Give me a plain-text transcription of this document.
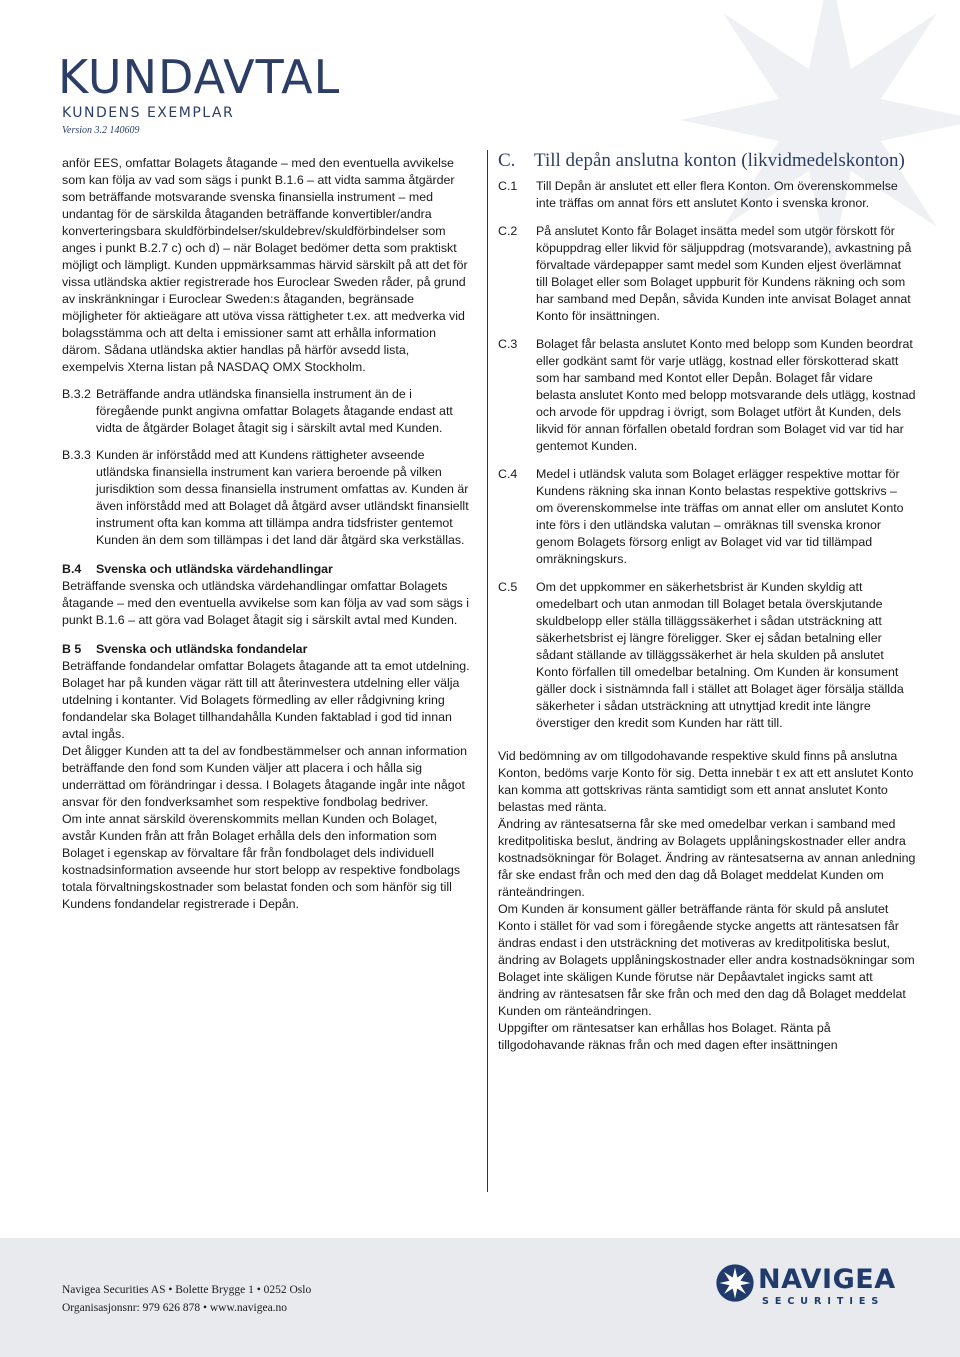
KUNDAVTAL
KUNDENS EXEMPLAR
Version 3.2 140609

anför EES, omfattar Bolagets åtagande – med den eventuella avvikelse som kan följa av vad som sägs i punkt B.1.6 – att vidta samma åtgärder som beträffande motsvarande svenska finansiella instrument – med undantag för de särskilda åtaganden beträffande konvertibler/andra konverteringsbara skuldförbindelser/skuldebrev/skuldförbindelser som anges i punkt B.2.7 c) och d) – när Bolaget bedömer detta som praktiskt möjligt och lämpligt. Kunden uppmärksammas härvid särskilt på att det för vissa utländska aktier registrerade hos Euroclear Sweden råder, på grund av inskränkningar i Euroclear Sweden:s åtaganden, begränsade möjligheter för aktieägare att utöva vissa rättigheter t.ex. att medverka vid bolagsstämma och att delta i emissioner samt att erhålla information därom. Sådana utländska aktier handlas på härför avsedd lista, exempelvis Xterna listan på NASDAQ OMX Stockholm.

B.3.2 Beträffande andra utländska finansiella instrument än de i föregående punkt angivna omfattar Bolagets åtagande endast att vidta de åtgärder Bolaget åtagit sig i särskilt avtal med Kunden.
B.3.3 Kunden är införstådd med att Kundens rättigheter avseende utländska finansiella instrument kan variera beroende på vilken jurisdiktion som dessa finansiella instrument omfattas av. Kunden är även införstådd med att Bolaget då åtgärd avser utländskt finansiellt instrument ofta kan komma att tillämpa andra tidsfrister gentemot Kunden än dem som tillämpas i det land där åtgärd ska verkställas.
B.4	Svenska och utländska värdehandlingar

Beträffande svenska och utländska värdehandlingar omfattar Bolagets åtagande – med den eventuella avvikelse som kan följa av vad som sägs i punkt B.1.6 – att göra vad Bolaget åtagit sig i särskilt avtal med Kunden.

B 5	Svenska och utländska fondandelar

Beträffande fondandelar omfattar Bolagets åtagande att ta emot utdelning. Bolaget har på kunden vägar rätt till att återinvestera utdelning eller välja utdelning i kontanter. Vid Bolagets förmedling av eller rådgivning kring fondandelar ska Bolaget tillhandahålla Kunden faktablad i god tid innan avtal ingås.

Det åligger Kunden att ta del av fondbestämmelser och annan information beträffande den fond som Kunden väljer att placera i och hålla sig underrättad om förändringar i dessa. I Bolagets åtagande ingår inte något ansvar för den fondverksamhet som respektive fondbolag bedriver.

Om inte annat särskild överenskommits mellan Kunden och Bolaget, avstår Kunden från att från Bolaget erhålla dels den information som Bolaget i egenskap av förvaltare får från fondbolaget dels individuell kostnadsinformation avseende hur stort belopp av respektive fondbolags totala förvaltningskostnader som belastat fonden och som hänför sig till Kundens fondandelar registrerade i Depån.

C. Till depån anslutna konton (likvidmedelskonton)
C.1	Till Depån är anslutet ett eller flera Konton. Om överenskommelse inte träffas om annat förs ett anslutet Konto i svenska kronor.
C.2	På anslutet Konto får Bolaget insätta medel som utgör förskott för köpuppdrag eller likvid för säljuppdrag (motsvarande), avkastning på förvaltade värdepapper samt medel som Kunden eljest överlämnat till Bolaget eller som Bolaget uppburit för Kundens räkning och som har samband med Depån, såvida Kunden inte anvisat Bolaget annat Konto för insättningen.
C.3	Bolaget får belasta anslutet Konto med belopp som Kunden beordrat eller godkänt samt för varje utlägg, kostnad eller förskotterad skatt som har samband med Kontot eller Depån. Bolaget får vidare belasta anslutet Konto med belopp motsvarande dels utlägg, kostnad och arvode för uppdrag i övrigt, som Bolaget utfört åt Kunden, dels likvid för annan förfallen obetald fordran som Bolaget vid var tid har gentemot Kunden.
C.4	Medel i utländsk valuta som Bolaget erlägger respektive mottar för Kundens räkning ska innan Konto belastas respektive gottskrivs – om överenskommelse inte träffas om annat eller om anslutet Konto inte förs i den utländska valutan – omräknas till svenska kronor genom Bolagets försorg enligt av Bolaget vid var tid tillämpad omräkningskurs.
C.5	Om det uppkommer en säkerhetsbrist är Kunden skyldig att omedelbart och utan anmodan till Bolaget betala överskjutande skuldbelopp eller ställa tilläggssäkerhet i sådan utsträckning att säkerhetsbrist ej längre föreligger. Sker ej sådan betalning eller sådant ställande av tilläggssäkerhet är hela skulden på anslutet Konto förfallen till omedelbar betalning. Om Kunden är konsument gäller dock i sistnämnda fall i stället att Bolaget äger försälja ställda säkerheter i sådan utsträckning att utnyttjad kredit inte längre överstiger den kredit som Kunden har rätt till.

Vid bedömning av om tillgodohavande respektive skuld finns på anslutna Konton, bedöms varje Konto för sig. Detta innebär t ex att ett anslutet Konto kan komma att gottskrivas ränta samtidigt som ett annat anslutet Konto belastas med ränta.

Ändring av räntesatserna får ske med omedelbar verkan i samband med kreditpolitiska beslut, ändring av Bolagets upplåningskostnader eller andra kostnadsökningar för Bolaget. Ändring av räntesatserna av annan anledning får ske endast från och med den dag då Bolaget meddelat Kunden om ränteändringen.

Om Kunden är konsument gäller beträffande ränta för skuld på anslutet Konto i stället för vad som i föregående stycke angetts att räntesatsen får ändras endast i den utsträckning det motiveras av kreditpolitiska beslut, ändring av Bolagets upplåningskostnader eller andra kostnadsökningar som Bolaget inte skäligen Kunde förutse när Depåavtalet ingicks samt att ändring av räntesatsen får ske från och med den dag då Bolaget meddelat Kunden om ränteändringen.

Uppgifter om räntesatser kan erhållas hos Bolaget. Ränta på tillgodohavande räknas från och med dagen efter insättningen

Navigea Securities AS • Bolette Brygge 1 • 0252 Oslo
Organisasjonsnr: 979 626 878 • www.navigea.no
NAVIGEA
SECURITIES
